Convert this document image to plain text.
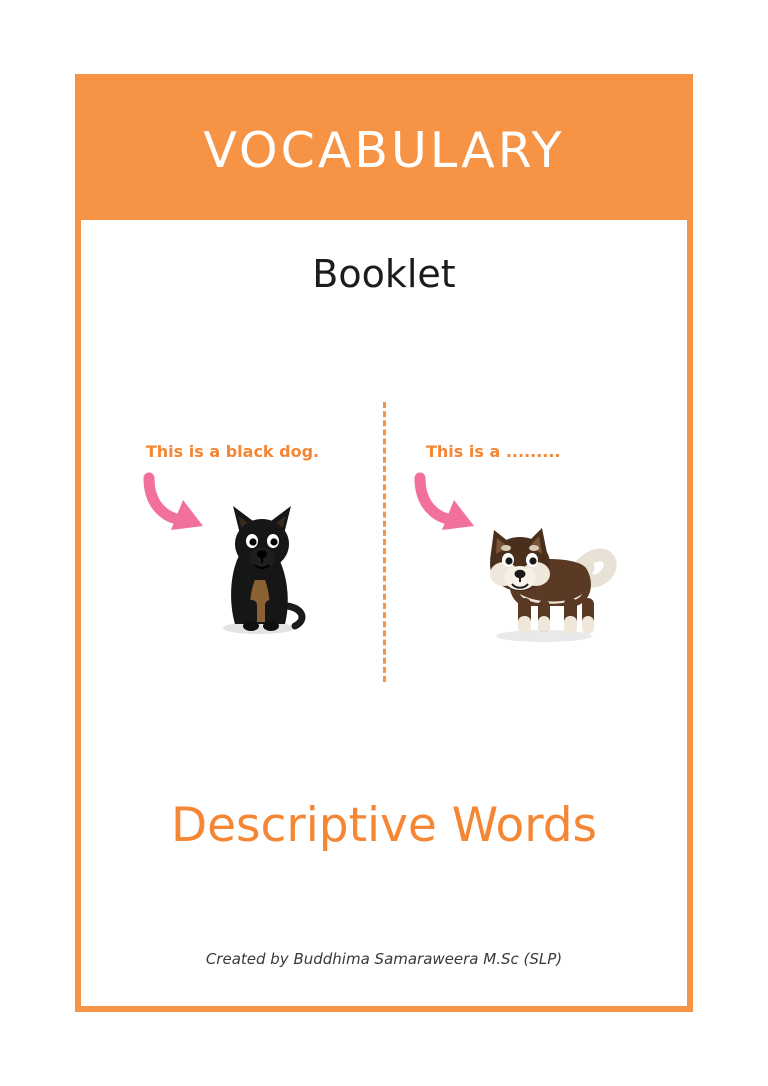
VOCABULARY
Booklet
This is a black dog.	This is a .........
Descriptive Words
Created by Buddhima Samaraweera M.Sc (SLP)
